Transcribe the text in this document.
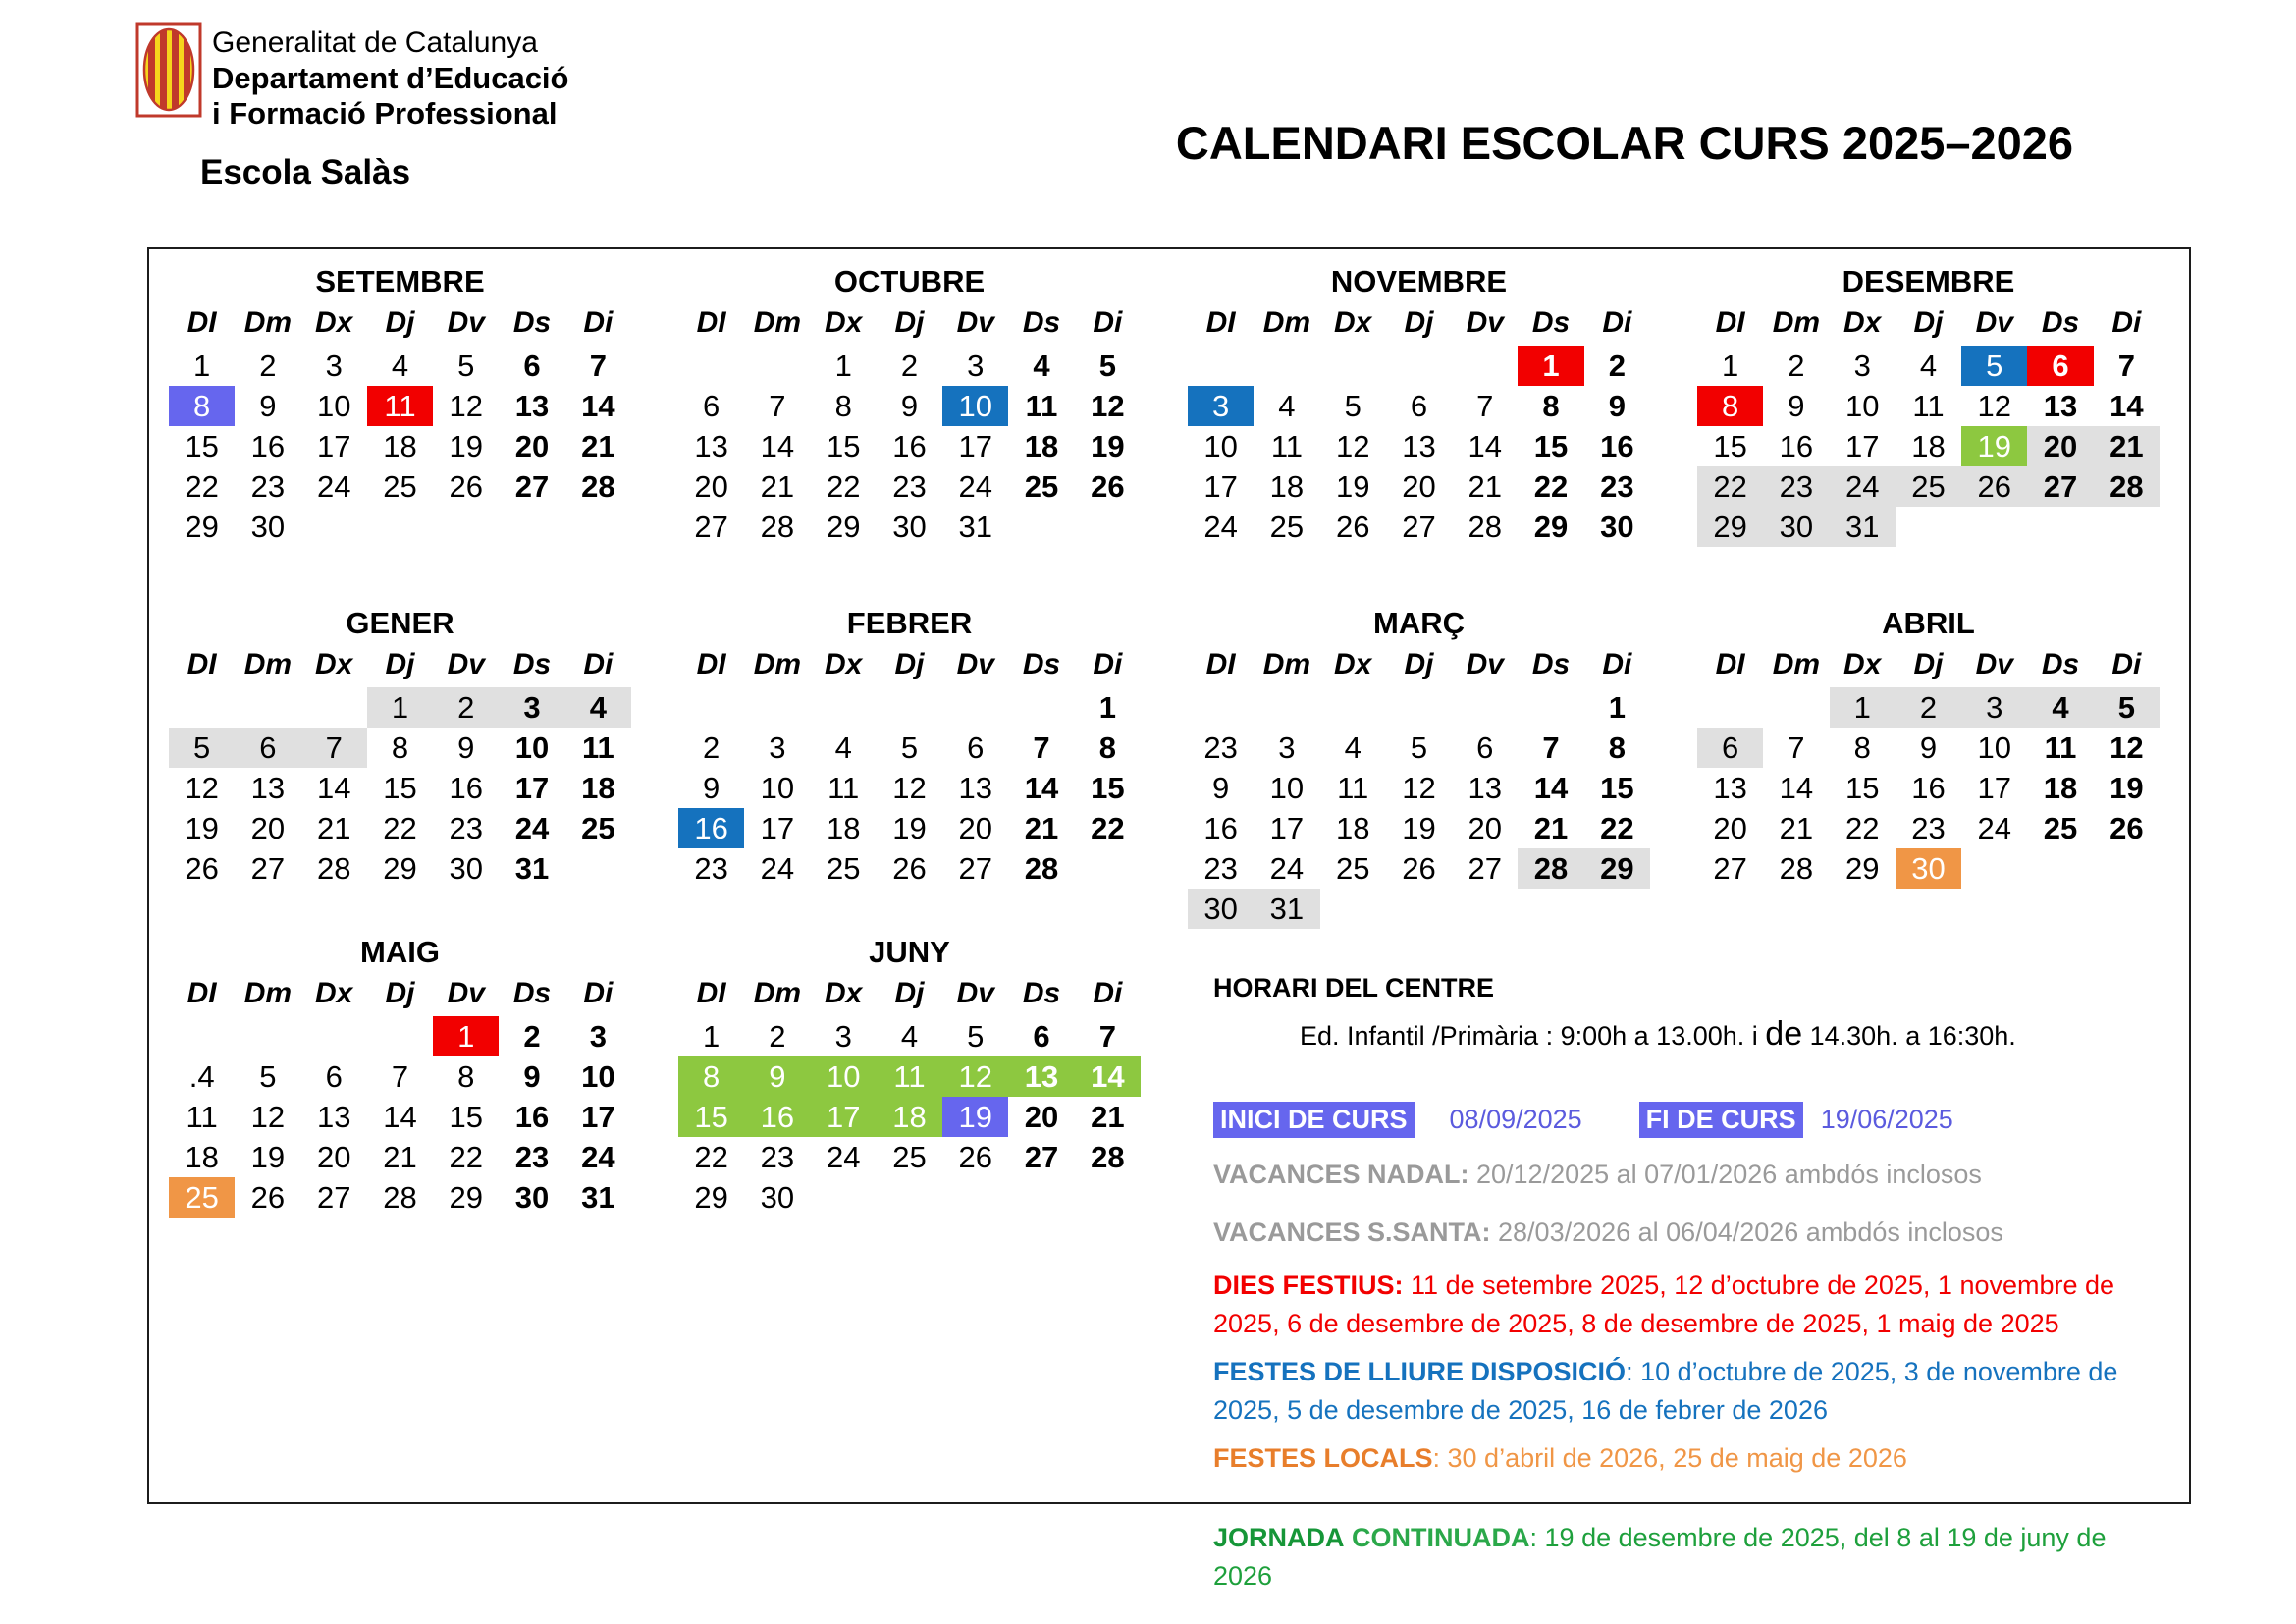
Generalitat de Catalunya
Departament d’Educació
i Formació Professional
Escola Salàs
CALENDARI ESCOLAR CURS 2025–2026
SETEMBRE
DI	Dm	Dx	Dj	Dv	Ds	Di
1	2	3	4	5	6	7
8	9	10	11	12	13	14
15	16	17	18	19	20	21
22	23	24	25	26	27	28
29	30					
OCTUBRE
DI	Dm	Dx	Dj	Dv	Ds	Di
		1	2	3	4	5
6	7	8	9	10	11	12
13	14	15	16	17	18	19
20	21	22	23	24	25	26
27	28	29	30	31		
NOVEMBRE
DI	Dm	Dx	Dj	Dv	Ds	Di
					1	2
3	4	5	6	7	8	9
10	11	12	13	14	15	16
17	18	19	20	21	22	23
24	25	26	27	28	29	30
DESEMBRE
DI	Dm	Dx	Dj	Dv	Ds	Di
1	2	3	4	5	6	7
8	9	10	11	12	13	14
15	16	17	18	19	20	21
22	23	24	25	26	27	28
29	30	31				
GENER
DI	Dm	Dx	Dj	Dv	Ds	Di
			1	2	3	4
5	6	7	8	9	10	11
12	13	14	15	16	17	18
19	20	21	22	23	24	25
26	27	28	29	30	31	
FEBRER
DI	Dm	Dx	Dj	Dv	Ds	Di
						1
2	3	4	5	6	7	8
9	10	11	12	13	14	15
16	17	18	19	20	21	22
23	24	25	26	27	28	
MARÇ
DI	Dm	Dx	Dj	Dv	Ds	Di
						1
23	3	4	5	6	7	8
9	10	11	12	13	14	15
16	17	18	19	20	21	22
23	24	25	26	27	28	29
30	31					
ABRIL
DI	Dm	Dx	Dj	Dv	Ds	Di
		1	2	3	4	5
6	7	8	9	10	11	12
13	14	15	16	17	18	19
20	21	22	23	24	25	26
27	28	29	30			
MAIG
DI	Dm	Dx	Dj	Dv	Ds	Di
				1	2	3
.4	5	6	7	8	9	10
11	12	13	14	15	16	17
18	19	20	21	22	23	24
25	26	27	28	29	30	31
JUNY
DI	Dm	Dx	Dj	Dv	Ds	Di
1	2	3	4	5	6	7
8	9	10	11	12	13	14
15	16	17	18	19	20	21
22	23	24	25	26	27	28
29	30					

HORARI DEL CENTRE

Ed. Infantil /Primària : 9:00h a 13.00h. i de 14.30h. a 16:30h.
INICI DE CURS 08/09/2025 FI DE CURS 19/06/2025
VACANCES NADAL: 20/12/2025 al 07/01/2026 ambdós inclosos
VACANCES S.SANTA: 28/03/2026 al 06/04/2026 ambdós inclosos
DIES FESTIUS: 11 de setembre 2025, 12 d’octubre de 2025, 1 novembre de 2025, 6 de desembre de 2025, 8 de desembre de 2025, 1 maig de 2025
FESTES DE LLIURE DISPOSICIÓ: 10 d’octubre de 2025, 3 de novembre de 2025, 5 de desembre de 2025, 16 de febrer de 2026
FESTES LOCALS: 30 d’abril de 2026, 25 de maig de 2026
JORNADA CONTINUADA: 19 de desembre de 2025, del 8 al 19 de juny de 2026
